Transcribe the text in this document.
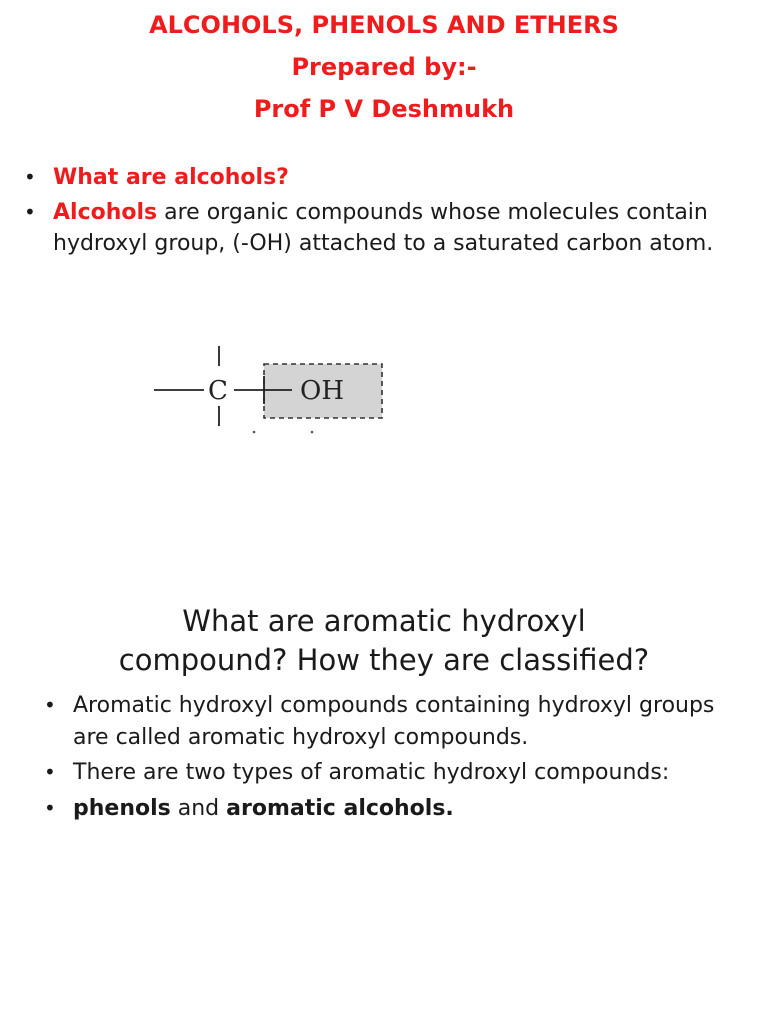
ALCOHOLS, PHENOLS AND ETHERS
Prepared by:-
Prof P V Deshmukh
• What are alcohols?
• Alcohols are organic compounds whose molecules contain hydroxyl group, (-OH) attached to a saturated carbon atom.
C	OH
What are aromatic hydroxyl
compound? How they are classified?
• Aromatic hydroxyl compounds containing hydroxyl groups are called aromatic hydroxyl compounds.
• There are two types of aromatic hydroxyl compounds:
• phenols and aromatic alcohols.
